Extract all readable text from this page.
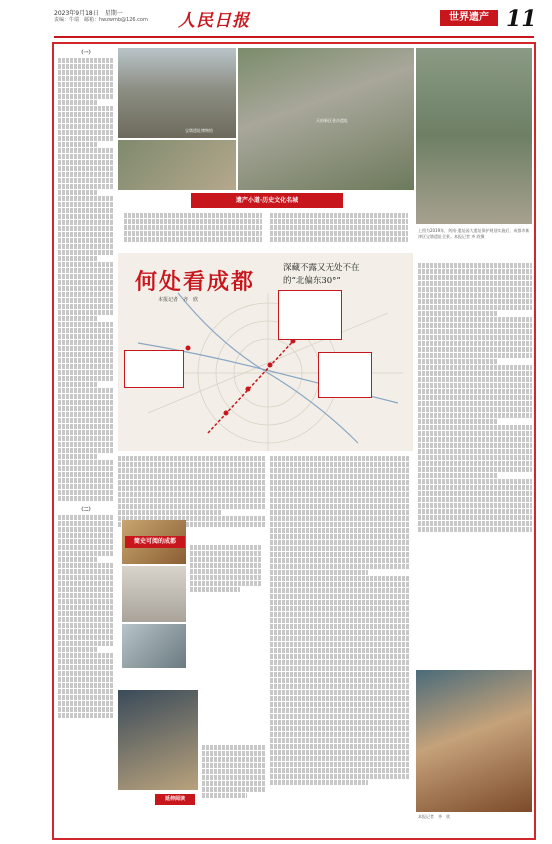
2023年9月18日　星期一
责编：牛瑞　邮箱：hwzwmb@126.com 人民日报	世界遗产 11
（一）
（二）
宝墩遗址博物馆
天府新区金沙遗址
上图为2019年，剑南·遗址园大遗址保护规划实施后，成都市新津区宝墩遗址全景。本报记者 齐 欣摄
遗产小道·历史文化名城
何处看成都
本报记者　齐　欣
深藏不露又无处不在
的“北偏东30°”
简史可阅的成都
延伸阅读
本报记者　齐　欣
